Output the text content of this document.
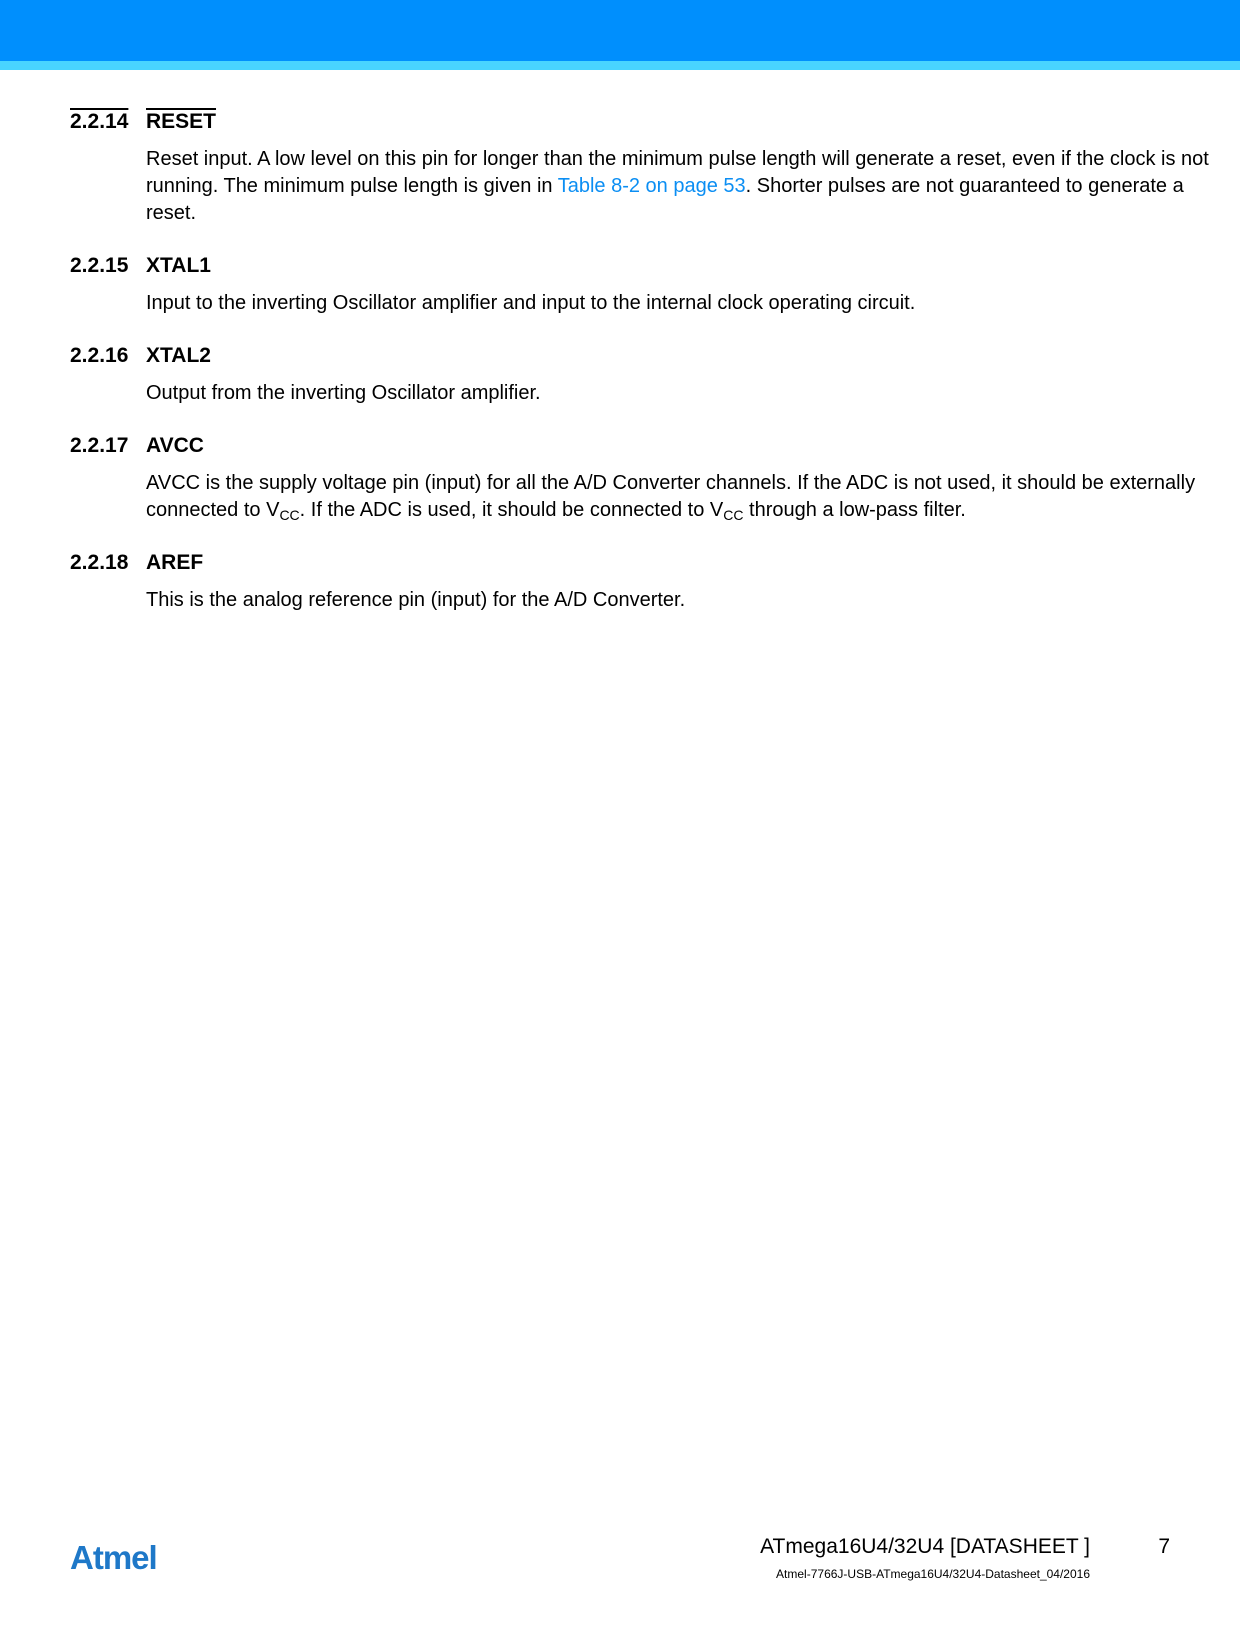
2.2.14 RESET
Reset input. A low level on this pin for longer than the minimum pulse length will generate a reset, even if the clock is not running. The minimum pulse length is given in Table 8-2 on page 53. Shorter pulses are not guaranteed to generate a reset.
2.2.15 XTAL1
Input to the inverting Oscillator amplifier and input to the internal clock operating circuit.
2.2.16 XTAL2
Output from the inverting Oscillator amplifier.
2.2.17 AVCC
AVCC is the supply voltage pin (input) for all the A/D Converter channels. If the ADC is not used, it should be externally connected to $V_{CC}$. If the ADC is used, it should be connected to $V_{CC}$ through a low-pass filter.
2.2.18 AREF
This is the analog reference pin (input) for the A/D Converter.
Atmel	ATmega16U4/32U4 [DATASHEET ]	7
Atmel-7766J-USB-ATmega16U4/32U4-Datasheet_04/2016
